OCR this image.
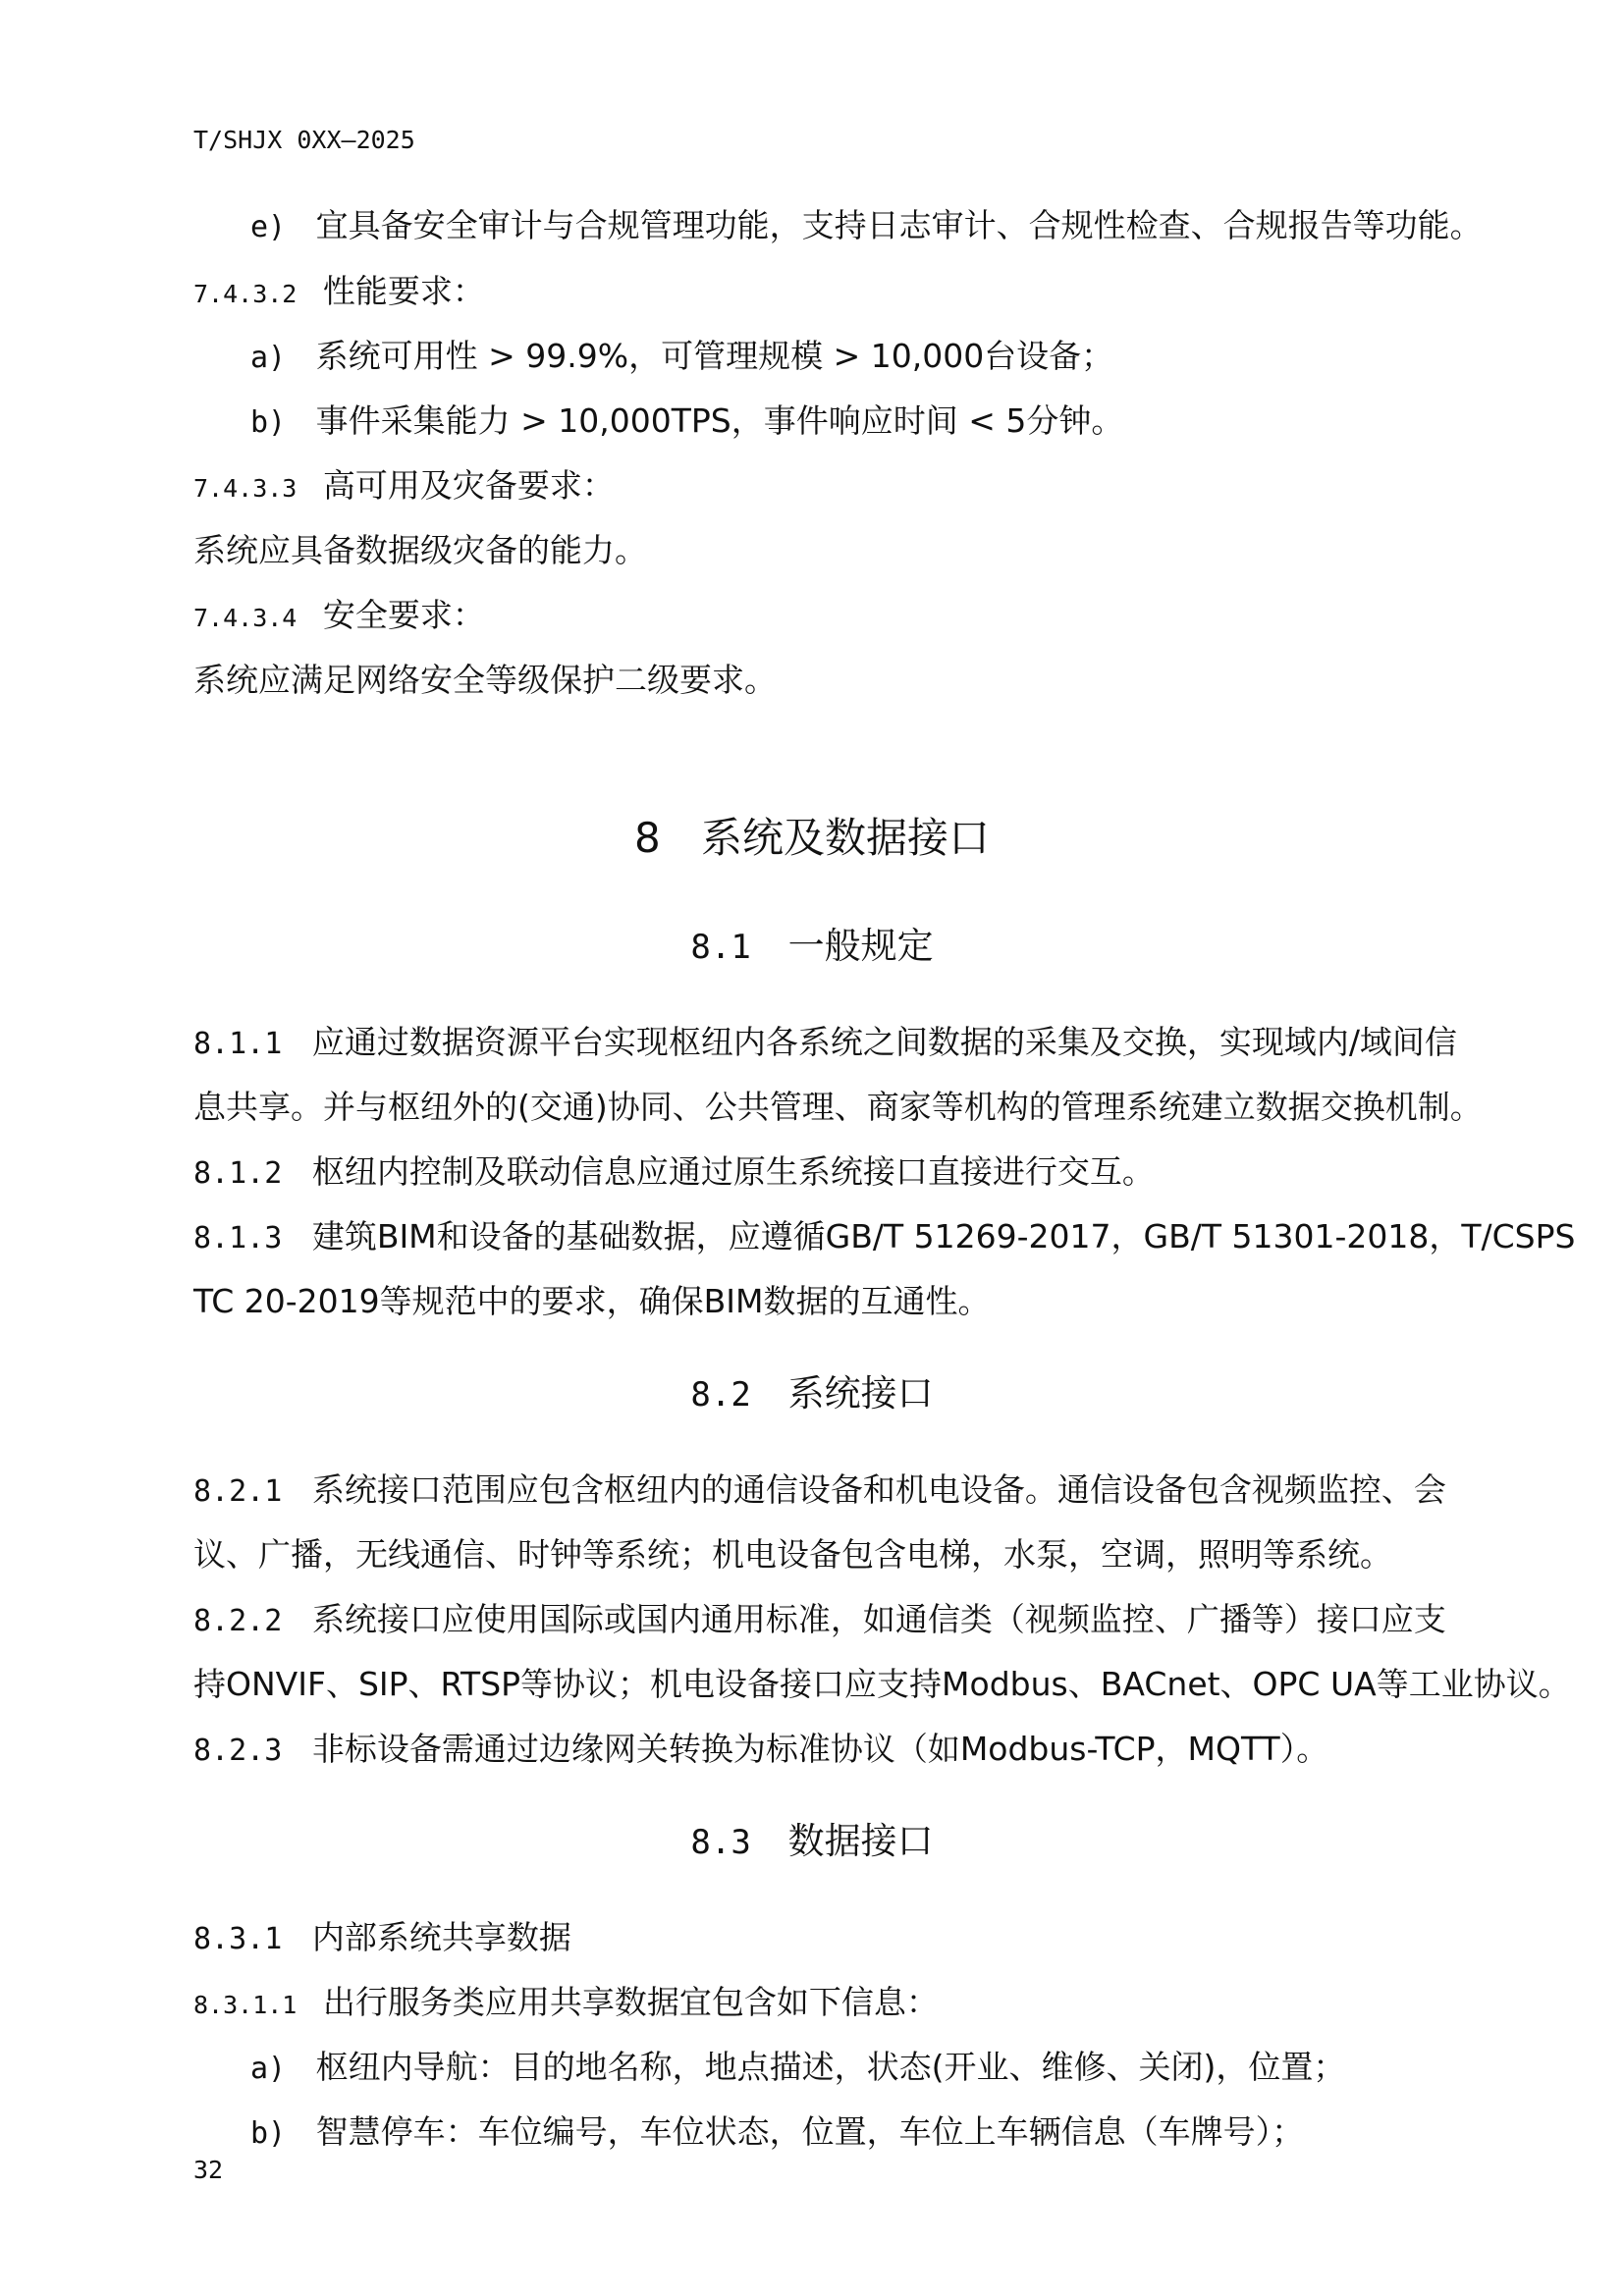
T/SHJX 0XX—2025
e) 宜具备安全审计与合规管理功能，支持日志审计、合规性检查、合规报告等功能。
7.4.3.2 性能要求：
a) 系统可用性 > 99.9%，可管理规模 > 10,000台设备；
b) 事件采集能力 > 10,000TPS，事件响应时间 < 5分钟。
7.4.3.3 高可用及灾备要求：
系统应具备数据级灾备的能力。
7.4.3.4 安全要求：
系统应满足网络安全等级保护二级要求。
8 系统及数据接口
8.1 一般规定
8.1.1 应通过数据资源平台实现枢纽内各系统之间数据的采集及交换，实现域内/域间信
息共享。并与枢纽外的(交通)协同、公共管理、商家等机构的管理系统建立数据交换机制。
8.1.2 枢纽内控制及联动信息应通过原生系统接口直接进行交互。
8.1.3 建筑BIM和设备的基础数据，应遵循GB/T 51269-2017，GB/T 51301-2018，T/CSPS
TC 20-2019等规范中的要求，确保BIM数据的互通性。
8.2 系统接口
8.2.1 系统接口范围应包含枢纽内的通信设备和机电设备。通信设备包含视频监控、会
议、广播，无线通信、时钟等系统；机电设备包含电梯，水泵，空调，照明等系统。
8.2.2 系统接口应使用国际或国内通用标准，如通信类（视频监控、广播等）接口应支
持ONVIF、SIP、RTSP等协议；机电设备接口应支持Modbus、BACnet、OPC UA等工业协议。
8.2.3 非标设备需通过边缘网关转换为标准协议（如Modbus-TCP，MQTT）。
8.3 数据接口
8.3.1 内部系统共享数据
8.3.1.1 出行服务类应用共享数据宜包含如下信息：
a) 枢纽内导航：目的地名称，地点描述，状态(开业、维修、关闭)，位置；
b) 智慧停车：车位编号，车位状态，位置，车位上车辆信息（车牌号）；
32
